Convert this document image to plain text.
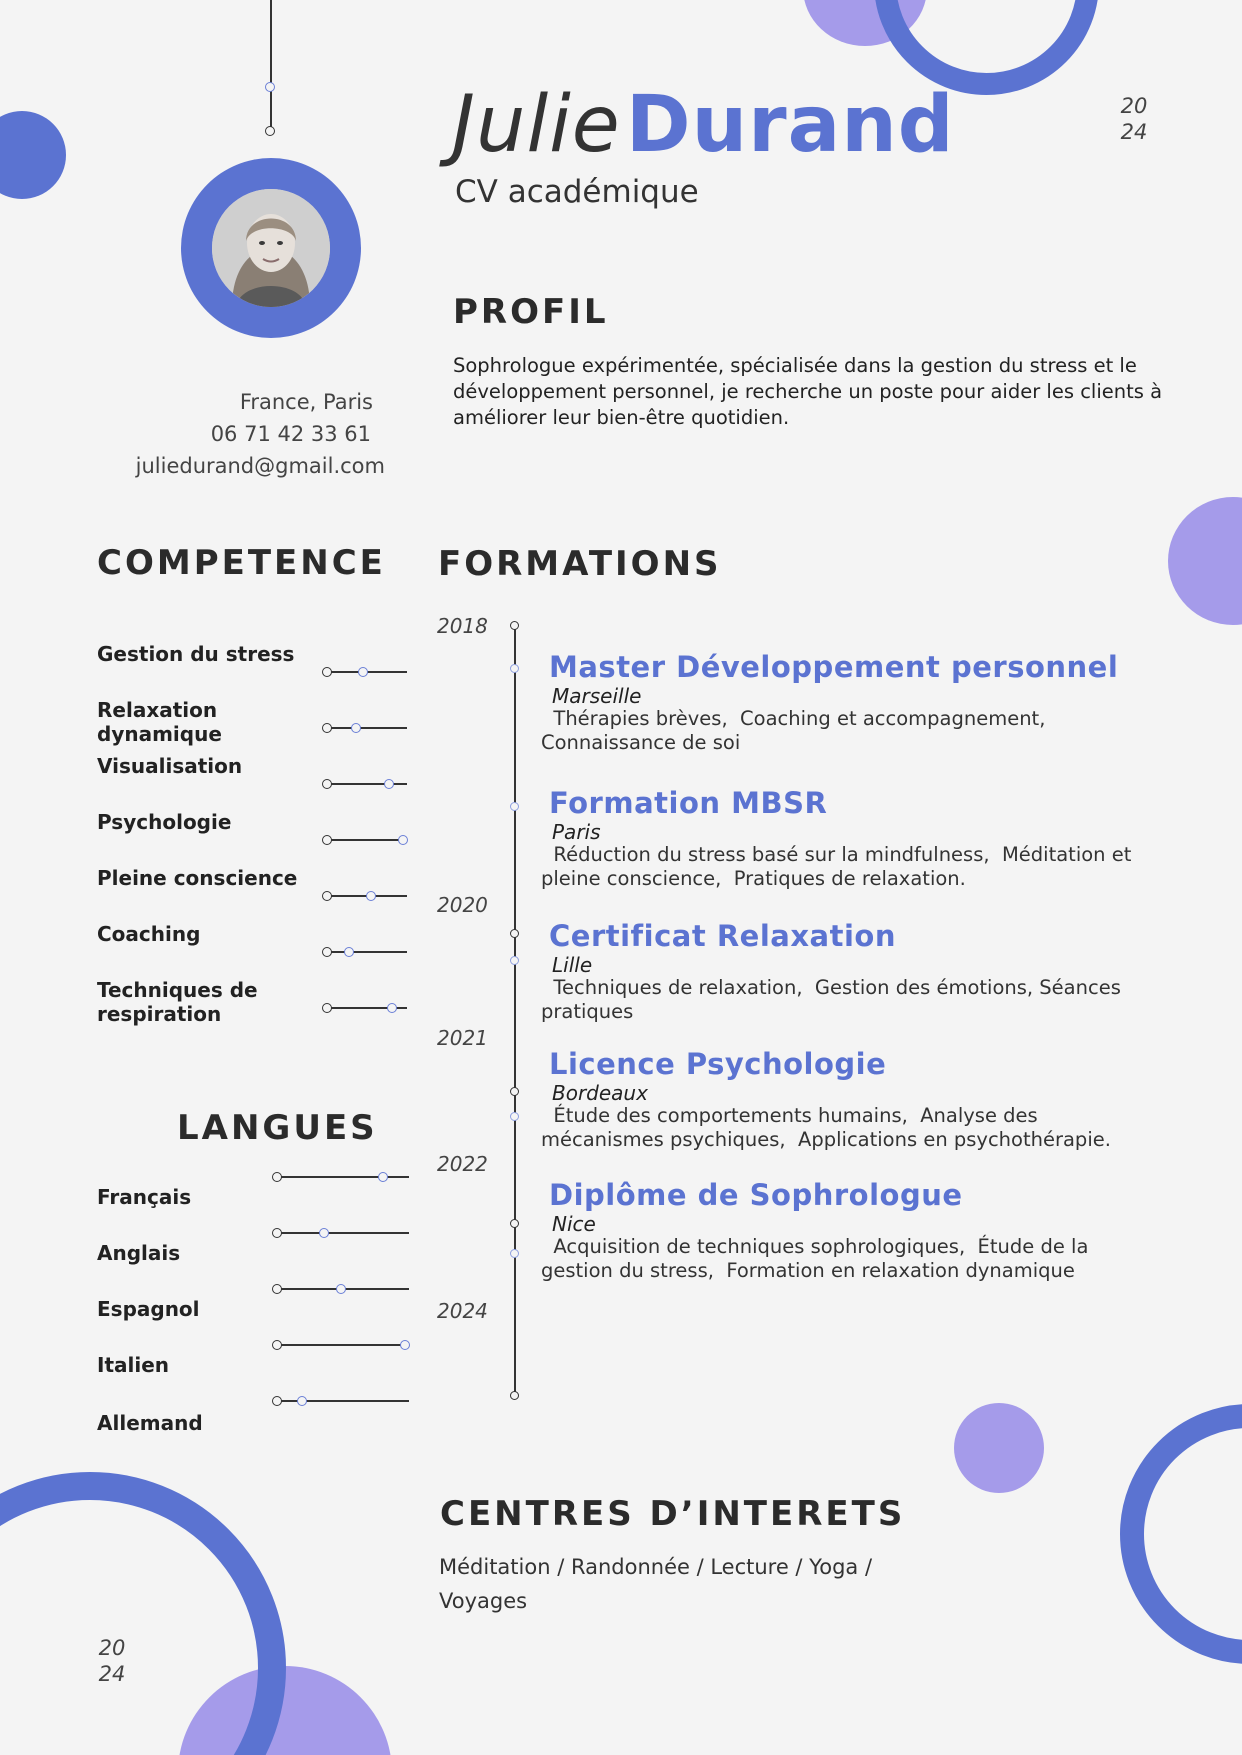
Julie Durand
CV académique
20
24
France, Paris
06 71 42 33 61
juliedurand@gmail.com
PROFIL
Sophrologue expérimentée, spécialisée dans la gestion du stress et le développement personnel, je recherche un poste pour aider les clients à améliorer leur bien-être quotidien.
COMPETENCE
Gestion du stress
Relaxation dynamique
Visualisation
Psychologie
Pleine conscience
Coaching
Techniques de respiration
LANGUES
Français
Anglais
Espagnol
Italien
Allemand
FORMATIONS
2018
2020
2021
2022
2024
Master Développement personnel
Marseille
Thérapies brèves,  Coaching et accompagnement, Connaissance de soi
Formation MBSR
Paris
Réduction du stress basé sur la mindfulness,  Méditation et pleine conscience,  Pratiques de relaxation.
Certificat Relaxation
Lille
Techniques de relaxation,  Gestion des émotions, Séances pratiques
Licence Psychologie
Bordeaux
Étude des comportements humains,  Analyse des mécanismes psychiques,  Applications en psychothérapie.
Diplôme de Sophrologue
Nice
Acquisition de techniques sophrologiques,  Étude de la gestion du stress,  Formation en relaxation dynamique
CENTRES D’INTERETS
Méditation / Randonnée / Lecture / Yoga / Voyages
20
24
